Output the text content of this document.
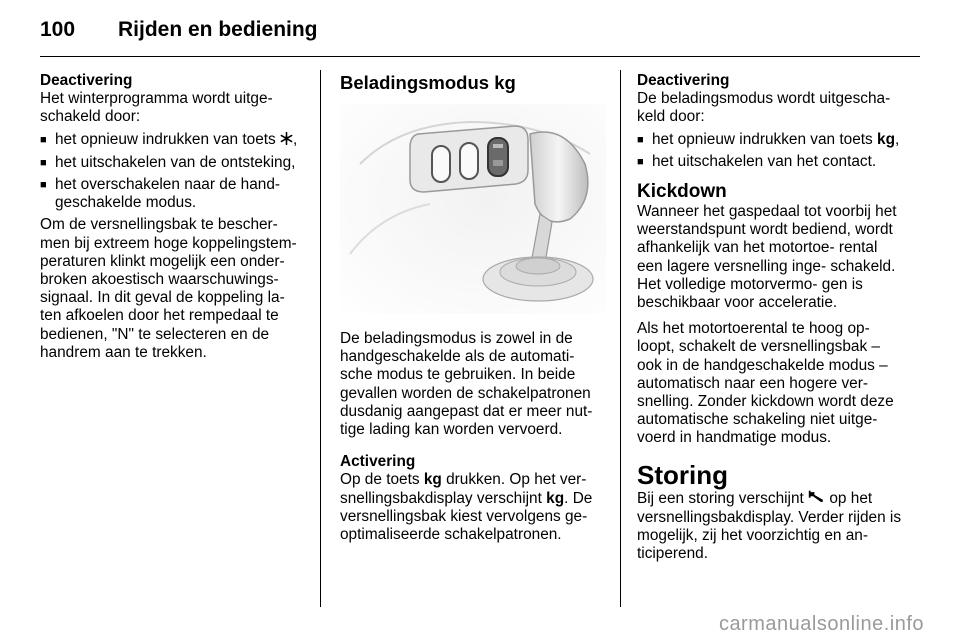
100	Rijden en bediening
Deactivering

Het winterprogramma wordt uitge- schakeld door:

■ het opnieuw indrukken van toets ,
■ het uitschakelen van de ontsteking,
■ het overschakelen naar de hand- geschakelde modus.

Om de versnellingsbak te bescher- men bij extreem hoge koppelingstem- peraturen klinkt mogelijk een onder- broken akoestisch waarschuwings- signaal. In dit geval de koppeling la- ten afkoelen door het rempedaal te bedienen, "N" te selecteren en de handrem aan te trekken.

Beladingsmodus kg

De beladingsmodus is zowel in de handgeschakelde als de automati- sche modus te gebruiken. In beide gevallen worden de schakelpatronen dusdanig aangepast dat er meer nut- tige lading kan worden vervoerd.

Activering

Op de toets kg drukken. Op het ver- snellingsbakdisplay verschijnt kg. De versnellingsbak kiest vervolgens ge- optimaliseerde schakelpatronen.

Deactivering

De beladingsmodus wordt uitgescha- keld door:

■ het opnieuw indrukken van toets kg,
■ het uitschakelen van het contact.
Kickdown

Wanneer het gaspedaal tot voorbij het weerstandspunt wordt bediend, wordt afhankelijk van het motortoe- rental een lagere versnelling inge- schakeld. Het volledige motorvermo- gen is beschikbaar voor acceleratie.

Als het motortoerental te hoog op- loopt, schakelt de versnellingsbak – ook in de handgeschakelde modus – automatisch naar een hogere ver- snelling. Zonder kickdown wordt deze automatische schakeling niet uitge- voerd in handmatige modus.

Storing

Bij een storing verschijnt op het versnellingsbakdisplay. Verder rijden is mogelijk, zij het voorzichtig en an- ticiperend.

carmanualsonline.info
